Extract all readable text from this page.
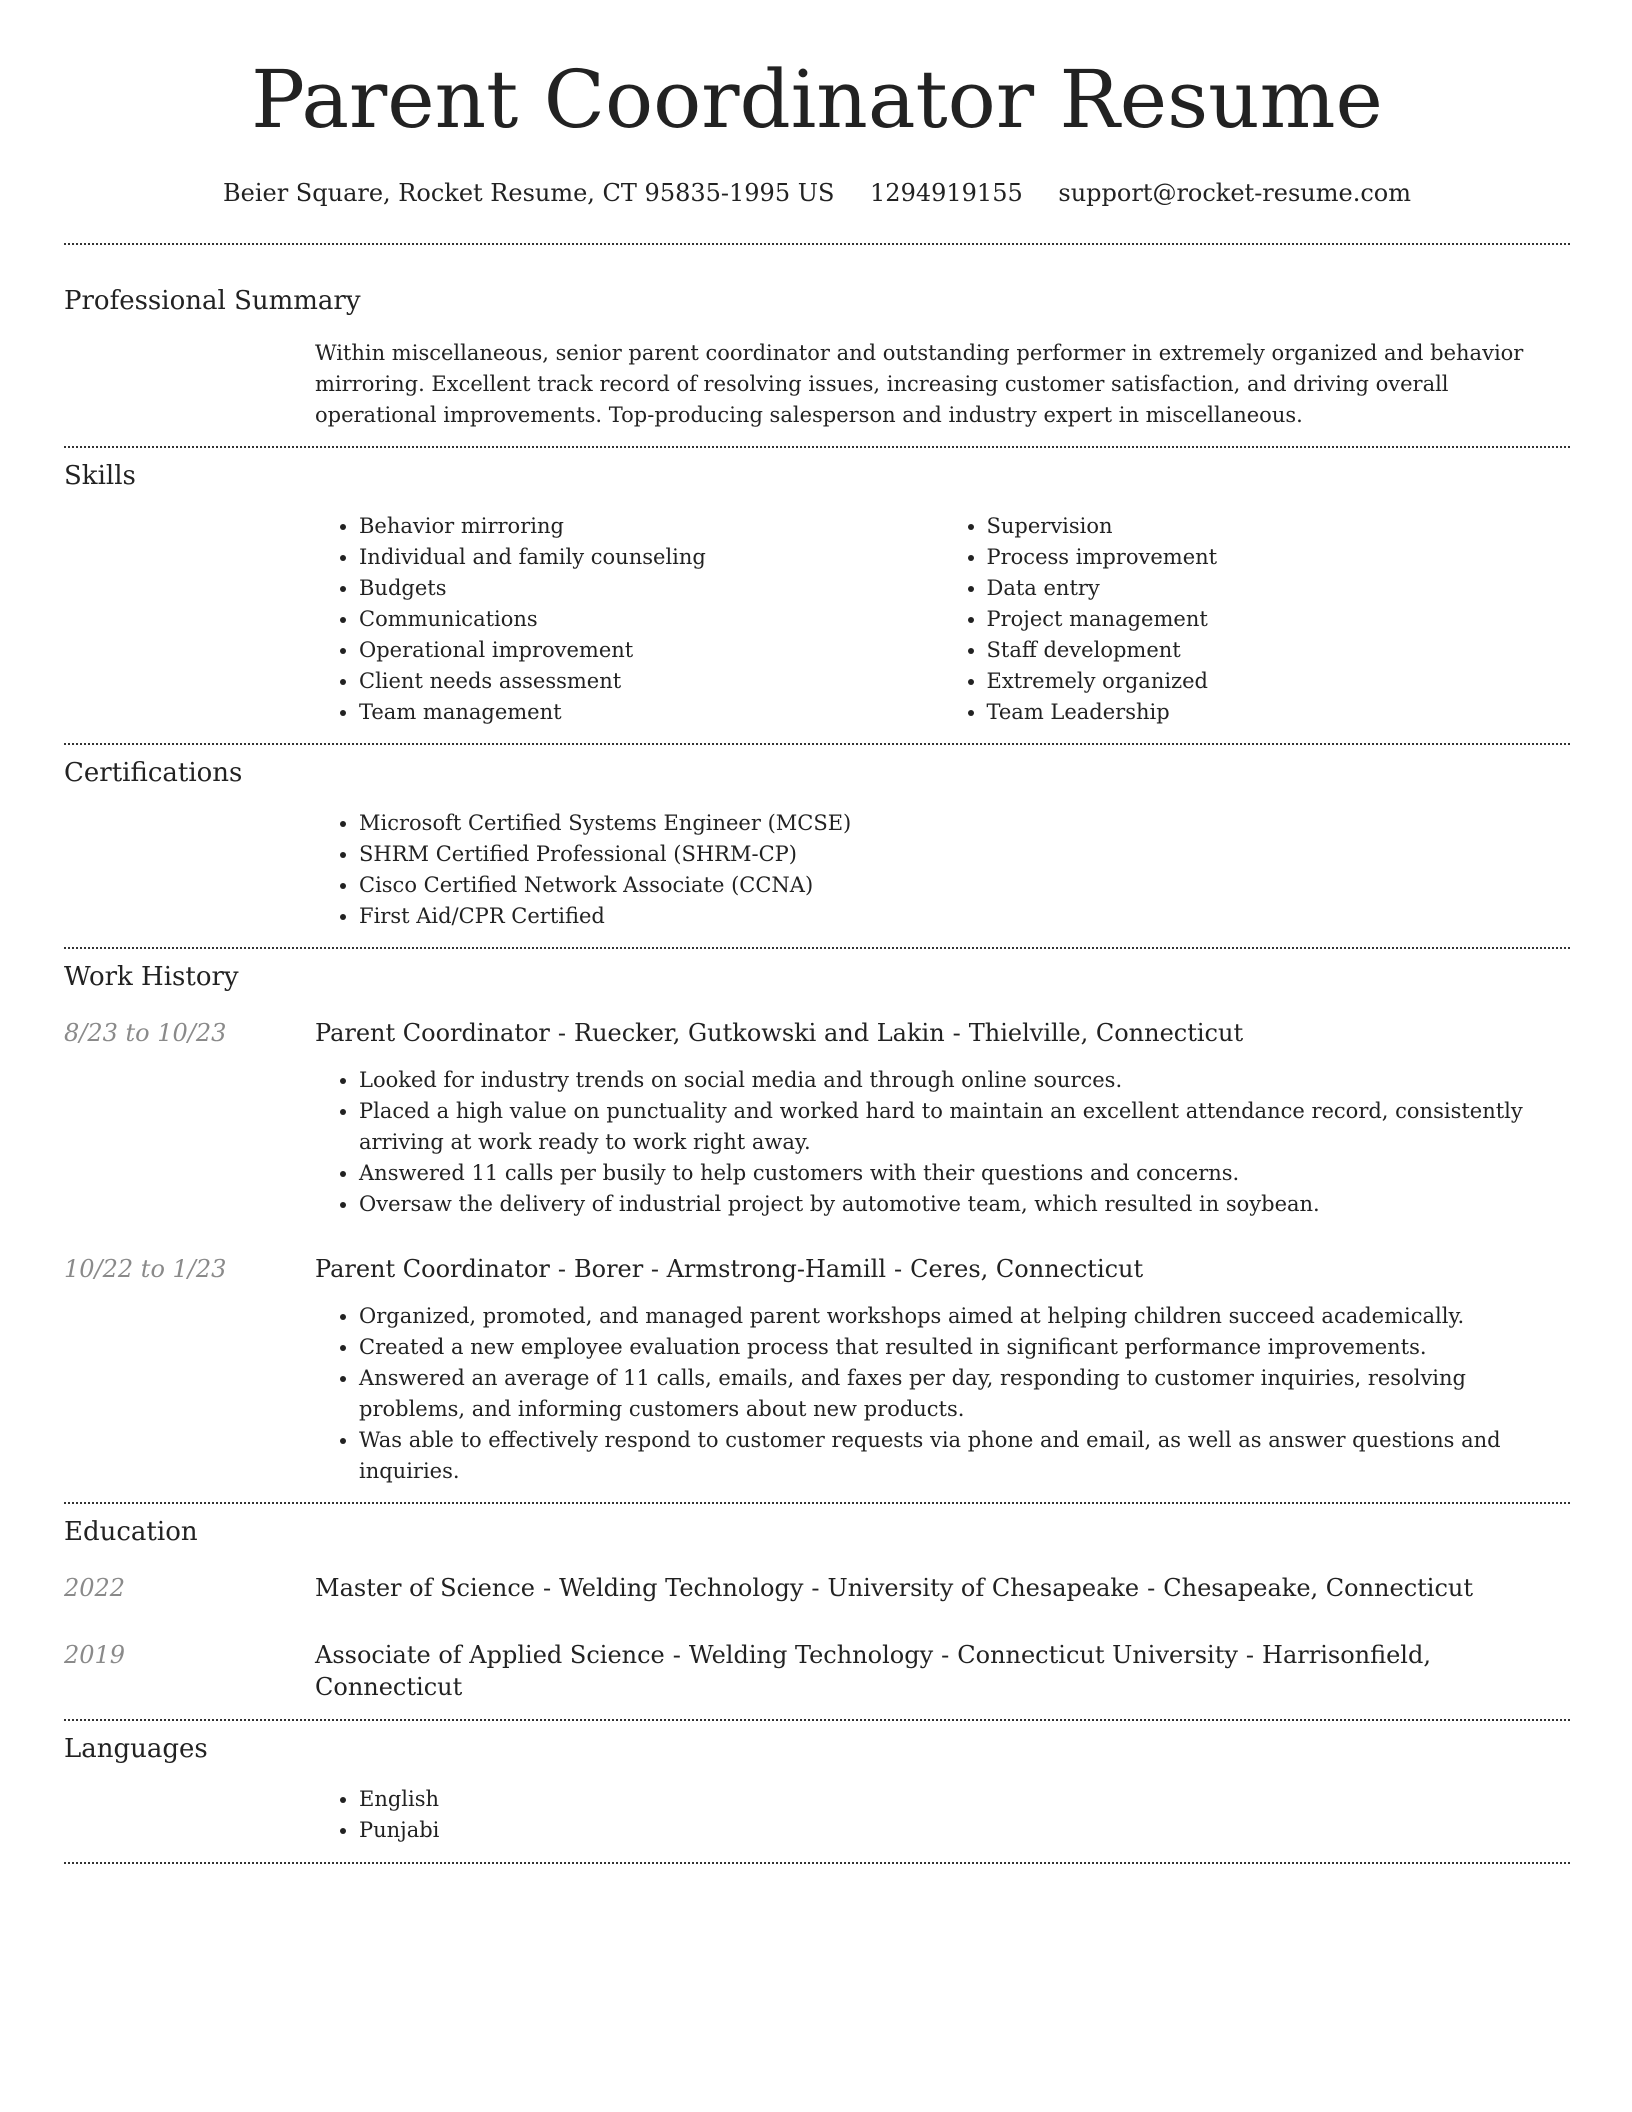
Parent Coordinator Resume
Beier Square, Rocket Resume, CT 95835-1995 US 1294919155 support@rocket-resume.com
Professional Summary

Within miscellaneous, senior parent coordinator and outstanding performer in extremely organized and behavior mirroring. Excellent track record of resolving issues, increasing customer satisfaction, and driving overall operational improvements. Top-producing salesperson and industry expert in miscellaneous.

Skills
• Behavior mirroring
• Individual and family counseling
• Budgets
• Communications
• Operational improvement
• Client needs assessment
• Team management
• Supervision
• Process improvement
• Data entry
• Project management
• Staff development
• Extremely organized
• Team Leadership
Certifications
• Microsoft Certified Systems Engineer (MCSE)
• SHRM Certified Professional (SHRM-CP)
• Cisco Certified Network Associate (CCNA)
• First Aid/CPR Certified
Work History
8/23 to 10/23	Parent Coordinator - Ruecker, Gutkowski and Lakin - Thielville, Connecticut
• Looked for industry trends on social media and through online sources.
• Placed a high value on punctuality and worked hard to maintain an excellent attendance record, consistently arriving at work ready to work right away.
• Answered 11 calls per busily to help customers with their questions and concerns.
• Oversaw the delivery of industrial project by automotive team, which resulted in soybean.
10/22 to 1/23	Parent Coordinator - Borer - Armstrong-Hamill - Ceres, Connecticut
• Organized, promoted, and managed parent workshops aimed at helping children succeed academically.
• Created a new employee evaluation process that resulted in significant performance improvements.
• Answered an average of 11 calls, emails, and faxes per day, responding to customer inquiries, resolving problems, and informing customers about new products.
• Was able to effectively respond to customer requests via phone and email, as well as answer questions and inquiries.
Education
2022	Master of Science - Welding Technology - University of Chesapeake - Chesapeake, Connecticut
2019	Associate of Applied Science - Welding Technology - Connecticut University - Harrisonfield, Connecticut
Languages
• English
• Punjabi
